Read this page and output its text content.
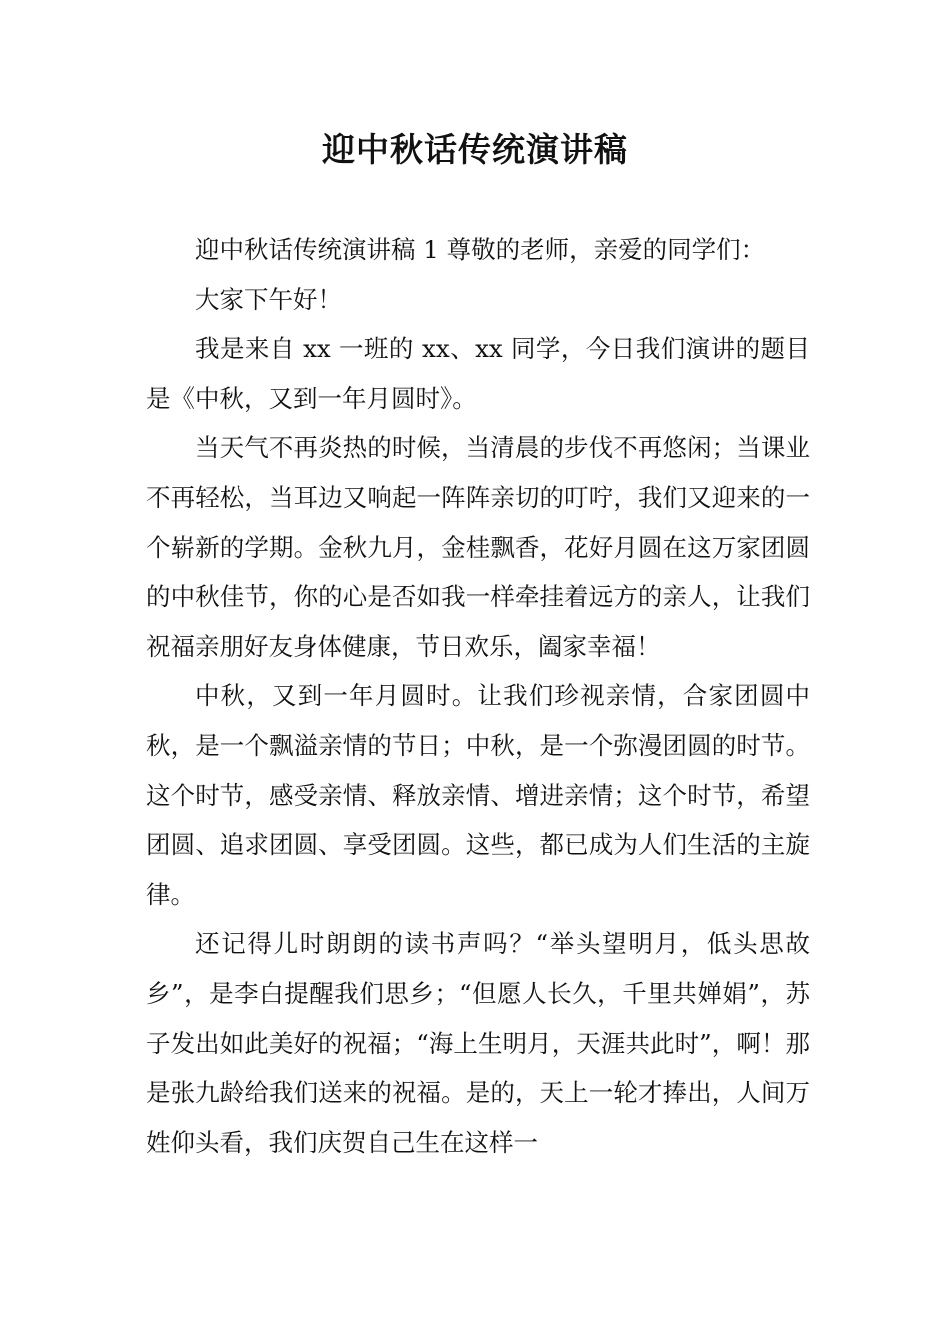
迎中秋话传统演讲稿

迎中秋话传统演讲稿 1 尊敬的老师，亲爱的同学们：

大家下午好！

我是来自 xx 一班的 xx、xx 同学，今日我们演讲的题目是《中秋，又到一年月圆时》。

当天气不再炎热的时候，当清晨的步伐不再悠闲；当课业不再轻松，当耳边又响起一阵阵亲切的叮咛，我们又迎来的一个崭新的学期。金秋九月，金桂飘香，花好月圆在这万家团圆的中秋佳节，你的心是否如我一样牵挂着远方的亲人，让我们祝福亲朋好友身体健康，节日欢乐，阖家幸福！

中秋，又到一年月圆时。让我们珍视亲情，合家团圆中秋，是一个飘溢亲情的节日；中秋，是一个弥漫团圆的时节。这个时节，感受亲情、释放亲情、增进亲情；这个时节，希望团圆、追求团圆、享受团圆。这些，都已成为人们生活的主旋律。

还记得儿时朗朗的读书声吗？“举头望明月，低头思故乡”，是李白提醒我们思乡；“但愿人长久，千里共婵娟”，苏子发出如此美好的祝福；“海上生明月，天涯共此时”，啊！那是张九龄给我们送来的祝福。是的，天上一轮才捧出，人间万姓仰头看，我们庆贺自己生在这样一
